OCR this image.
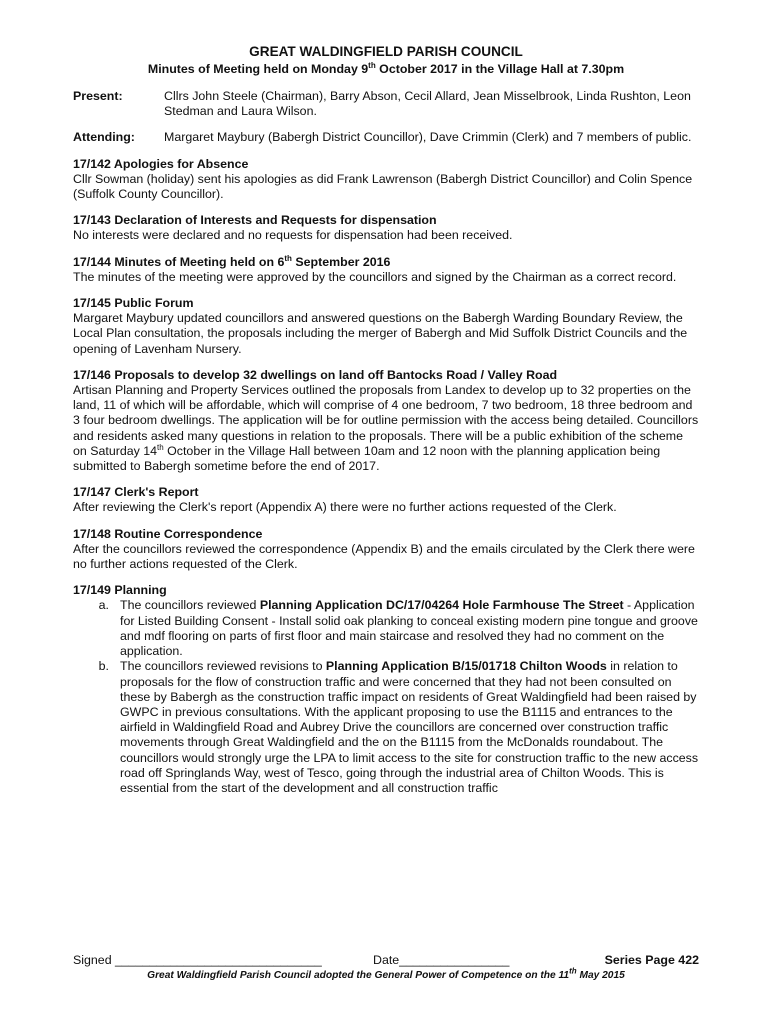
GREAT WALDINGFIELD PARISH COUNCIL
Minutes of Meeting held on Monday 9th October 2017 in the Village Hall at 7.30pm
Present:	Cllrs John Steele (Chairman), Barry Abson, Cecil Allard, Jean Misselbrook, Linda Rushton, Leon Stedman and Laura Wilson.
Attending:	Margaret Maybury (Babergh District Councillor), Dave Crimmin (Clerk) and 7 members of public.
17/142 Apologies for Absence

Cllr Sowman (holiday) sent his apologies as did Frank Lawrenson (Babergh District Councillor) and Colin Spence (Suffolk County Councillor).

17/143 Declaration of Interests and Requests for dispensation

No interests were declared and no requests for dispensation had been received.

17/144 Minutes of Meeting held on 6th September 2016

The minutes of the meeting were approved by the councillors and signed by the Chairman as a correct record.

17/145 Public Forum

Margaret Maybury updated councillors and answered questions on the Babergh Warding Boundary Review, the Local Plan consultation, the proposals including the merger of Babergh and Mid Suffolk District Councils and the opening of Lavenham Nursery.

17/146 Proposals to develop 32 dwellings on land off Bantocks Road / Valley Road

Artisan Planning and Property Services outlined the proposals from Landex to develop up to 32 properties on the land, 11 of which will be affordable, which will comprise of 4 one bedroom, 7 two bedroom, 18 three bedroom and 3 four bedroom dwellings. The application will be for outline permission with the access being detailed. Councillors and residents asked many questions in relation to the proposals. There will be a public exhibition of the scheme on Saturday 14th October in the Village Hall between 10am and 12 noon with the planning application being submitted to Babergh sometime before the end of 2017.

17/147 Clerk's Report

After reviewing the Clerk's report (Appendix A) there were no further actions requested of the Clerk.

17/148 Routine Correspondence

After the councillors reviewed the correspondence (Appendix B) and the emails circulated by the Clerk there were no further actions requested of the Clerk.

17/149 Planning
a. The councillors reviewed Planning Application DC/17/04264 Hole Farmhouse The Street - Application for Listed Building Consent - Install solid oak planking to conceal existing modern pine tongue and groove and mdf flooring on parts of first floor and main staircase and resolved they had no comment on the application.
b. The councillors reviewed revisions to Planning Application B/15/01718 Chilton Woods in relation to proposals for the flow of construction traffic and were concerned that they had not been consulted on these by Babergh as the construction traffic impact on residents of Great Waldingfield had been raised by GWPC in previous consultations. With the applicant proposing to use the B1115 and entrances to the airfield in Waldingfield Road and Aubrey Drive the councillors are concerned over construction traffic movements through Great Waldingfield and the on the B1115 from the McDonalds roundabout. The councillors would strongly urge the LPA to limit access to the site for construction traffic to the new access road off Springlands Way, west of Tesco, going through the industrial area of Chilton Woods. This is essential from the start of the development and all construction traffic
Signed ______________________________	Date________________	Series Page 422
Great Waldingfield Parish Council adopted the General Power of Competence on the 11th May 2015
